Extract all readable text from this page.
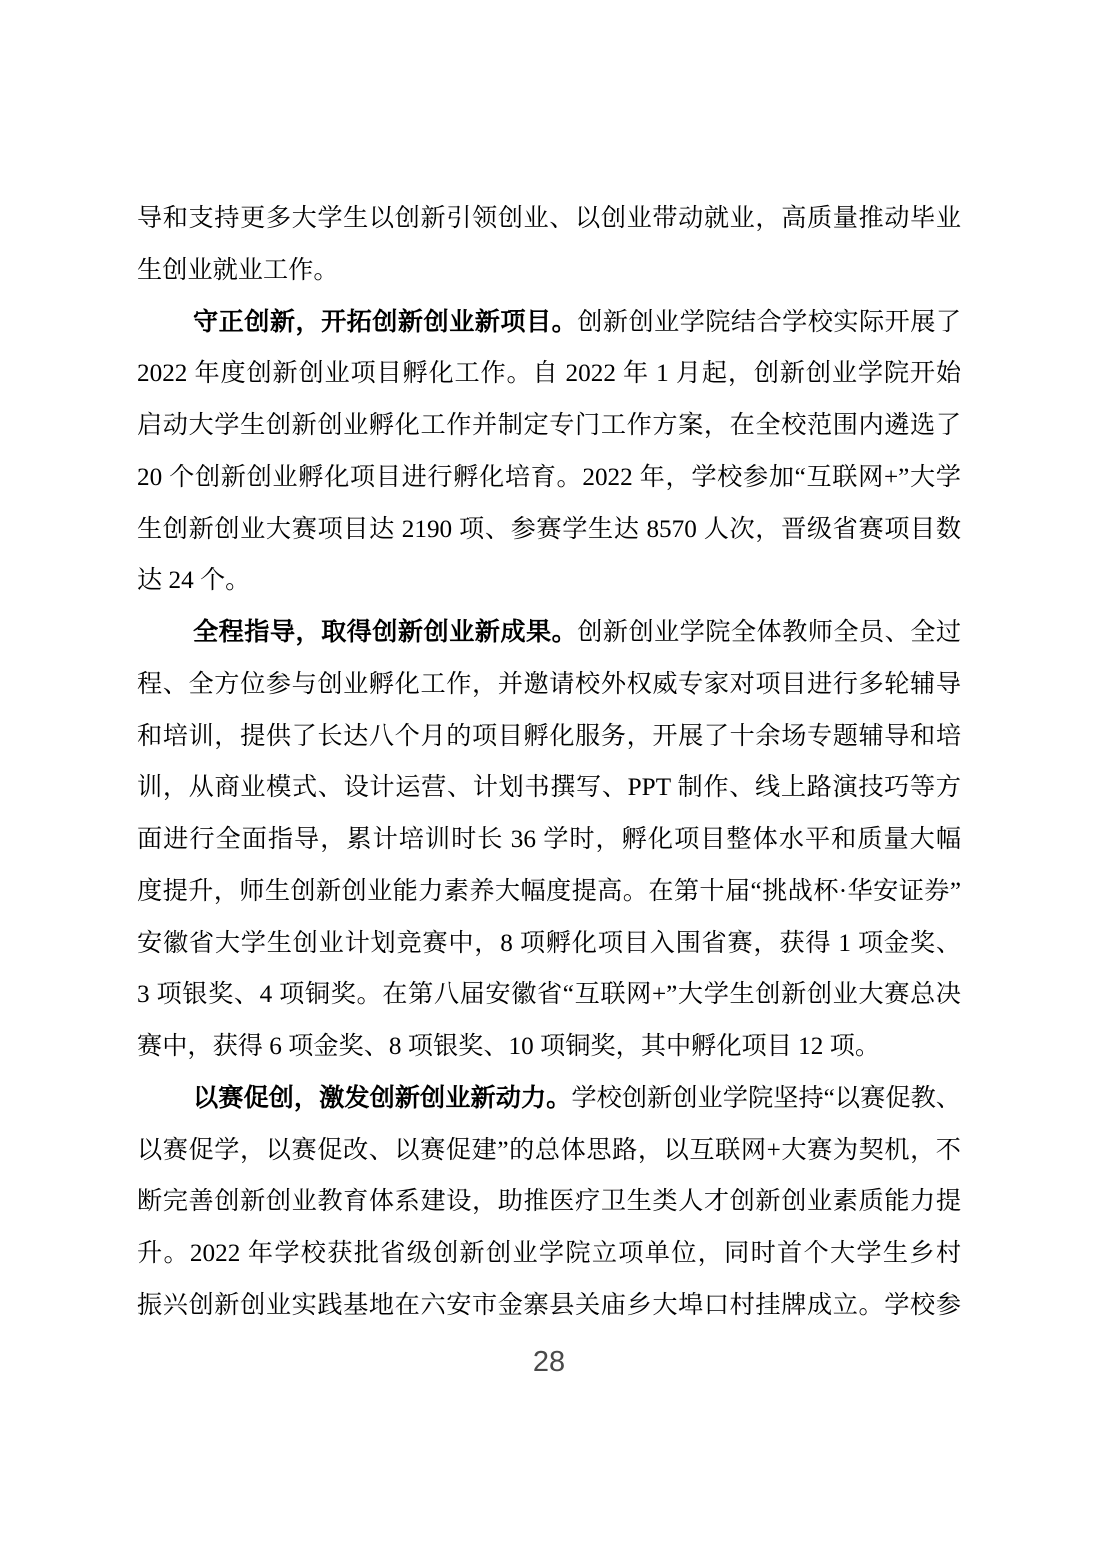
导和支持更多大学生以创新引领创业、以创业带动就业，高质量推动毕业
生创业就业工作。
守正创新，开拓创新创业新项目。创新创业学院结合学校实际开展了
2022 年度创新创业项目孵化工作。自 2022 年 1 月起，创新创业学院开始
启动大学生创新创业孵化工作并制定专门工作方案，在全校范围内遴选了
20 个创新创业孵化项目进行孵化培育。2022 年，学校参加“互联网+”大学
生创新创业大赛项目达 2190 项、参赛学生达 8570 人次，晋级省赛项目数
达 24 个。
全程指导，取得创新创业新成果。创新创业学院全体教师全员、全过
程、全方位参与创业孵化工作，并邀请校外权威专家对项目进行多轮辅导
和培训，提供了长达八个月的项目孵化服务，开展了十余场专题辅导和培
训，从商业模式、设计运营、计划书撰写、PPT 制作、线上路演技巧等方
面进行全面指导，累计培训时长 36 学时，孵化项目整体水平和质量大幅
度提升，师生创新创业能力素养大幅度提高。在第十届“挑战杯·华安证券”
安徽省大学生创业计划竞赛中，8 项孵化项目入围省赛，获得 1 项金奖、
3 项银奖、4 项铜奖。在第八届安徽省“互联网+”大学生创新创业大赛总决
赛中，获得 6 项金奖、8 项银奖、10 项铜奖，其中孵化项目 12 项。
以赛促创，激发创新创业新动力。学校创新创业学院坚持“以赛促教、
以赛促学，以赛促改、以赛促建”的总体思路，以互联网+大赛为契机，不
断完善创新创业教育体系建设，助推医疗卫生类人才创新创业素质能力提
升。2022 年学校获批省级创新创业学院立项单位，同时首个大学生乡村
振兴创新创业实践基地在六安市金寨县关庙乡大埠口村挂牌成立。学校参
28
